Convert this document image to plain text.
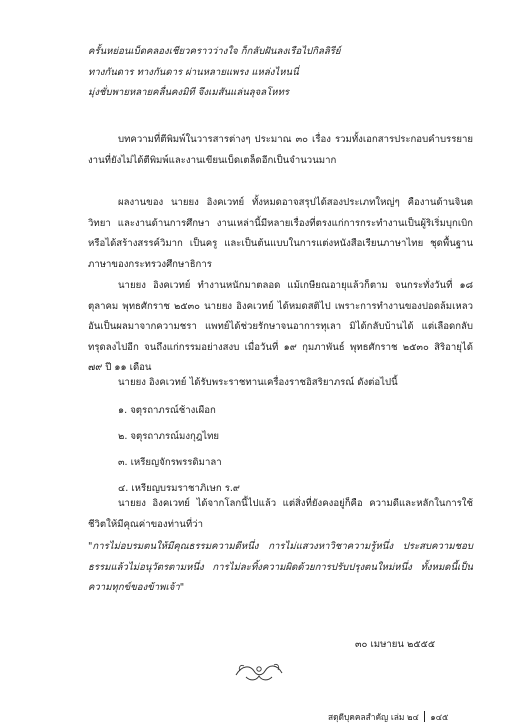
ครั้นหย่อนเบ็ดคลองเชียวคราวว่างใจ ก็กลับฝันลงเรือไปกิลลิรีย์
ทางกันดาร ทางกันดาร ผ่านหลายแพรง แหล่งไหนนี่
มุ่งชั่บพายหลายคลื่นคงมิที จึงเมสันแล่นลุจลโหทร
บทความที่ตีพิมพ์ในวารสารต่างๆ ประมาณ ๓๐ เรื่อง รวมทั้งเอกสารประกอบคำบรรยาย งานที่ยังไม่ได้ตีพิมพ์และงานเขียนเบ็ดเตล็ดอีกเป็นจำนวนมาก
ผลงานของ นายยง อิงคเวทย์ ทั้งหมดอาจสรุปได้สองประเภทใหญ่ๆ คืองานด้านจินตวิทยา และงานด้านการศึกษา งานเหล่านี้มีหลายเรื่องที่ตรงแก่การกระทำงานเป็นผู้ริเริ่มบุกเบิก หรือได้สร้างสรรค์วิมาก เป็นครู และเป็นต้นแบบในการแต่งหนังสือเรียนภาษาไทย ชุดพื้นฐานภาษาของกระทรวงศึกษาธิการ
นายยง อิงคเวทย์ ทำงานหนักมาตลอด แม้เกษียณอายุแล้วก็ตาม จนกระทั่งวันที่ ๑๘ ตุลาคม พุทธศักราช ๒๕๓๐ นายยง อิงคเวทย์ ได้หมดสติไป เพราะการทำงานของปอดล้มเหลว อันเป็นผลมาจากความชรา แพทย์ได้ช่วยรักษาจนอาการทุเลา มิได้กลับบ้านได้ แต่เลือดกลับทรุดลงไปอีก จนถึงแก่กรรมอย่างสงบ เมื่อวันที่ ๑๙ กุมภาพันธ์ พุทธศักราช ๒๕๓๐ สิริอายุได้ ๗๙ ปี ๑๑ เดือน
นายยง อิงคเวทย์ ได้รับพระราชทานเครื่องราชอิสริยาภรณ์ ดังต่อไปนี้
๑. จตุรถาภรณ์ช้างเผือก
๒. จตุรถาภรณ์มงกุฎไทย
๓. เหรียญจักรพรรดิมาลา
๔. เหรียญบรมราชาภิเษก ร.๙
นายยง อิงคเวทย์ ได้จากโลกนี้ไปแล้ว แต่สิ่งที่ยังคงอยู่ก็คือ ความดีและหลักในการใช้ชีวิตให้มีคุณค่าของท่านที่ว่า
"การไม่อบรมตนให้มีคุณธรรมความดีหนึ่ง การไม่แสวงหาวิชาความรู้หนึ่ง ประสบความชอบธรรมแล้วไม่อนุวัตรตามหนึ่ง การไม่ละทิ้งความผิดด้วยการปรับปรุงตนใหม่หนึ่ง ทั้งหมดนี้เป็นความทุกข์ของข้าพเจ้า"
๓๐ เมษายน ๒๕๕๕
สดุดีบุคคลสำคัญ เล่ม ๒๔ ๑๔๕
